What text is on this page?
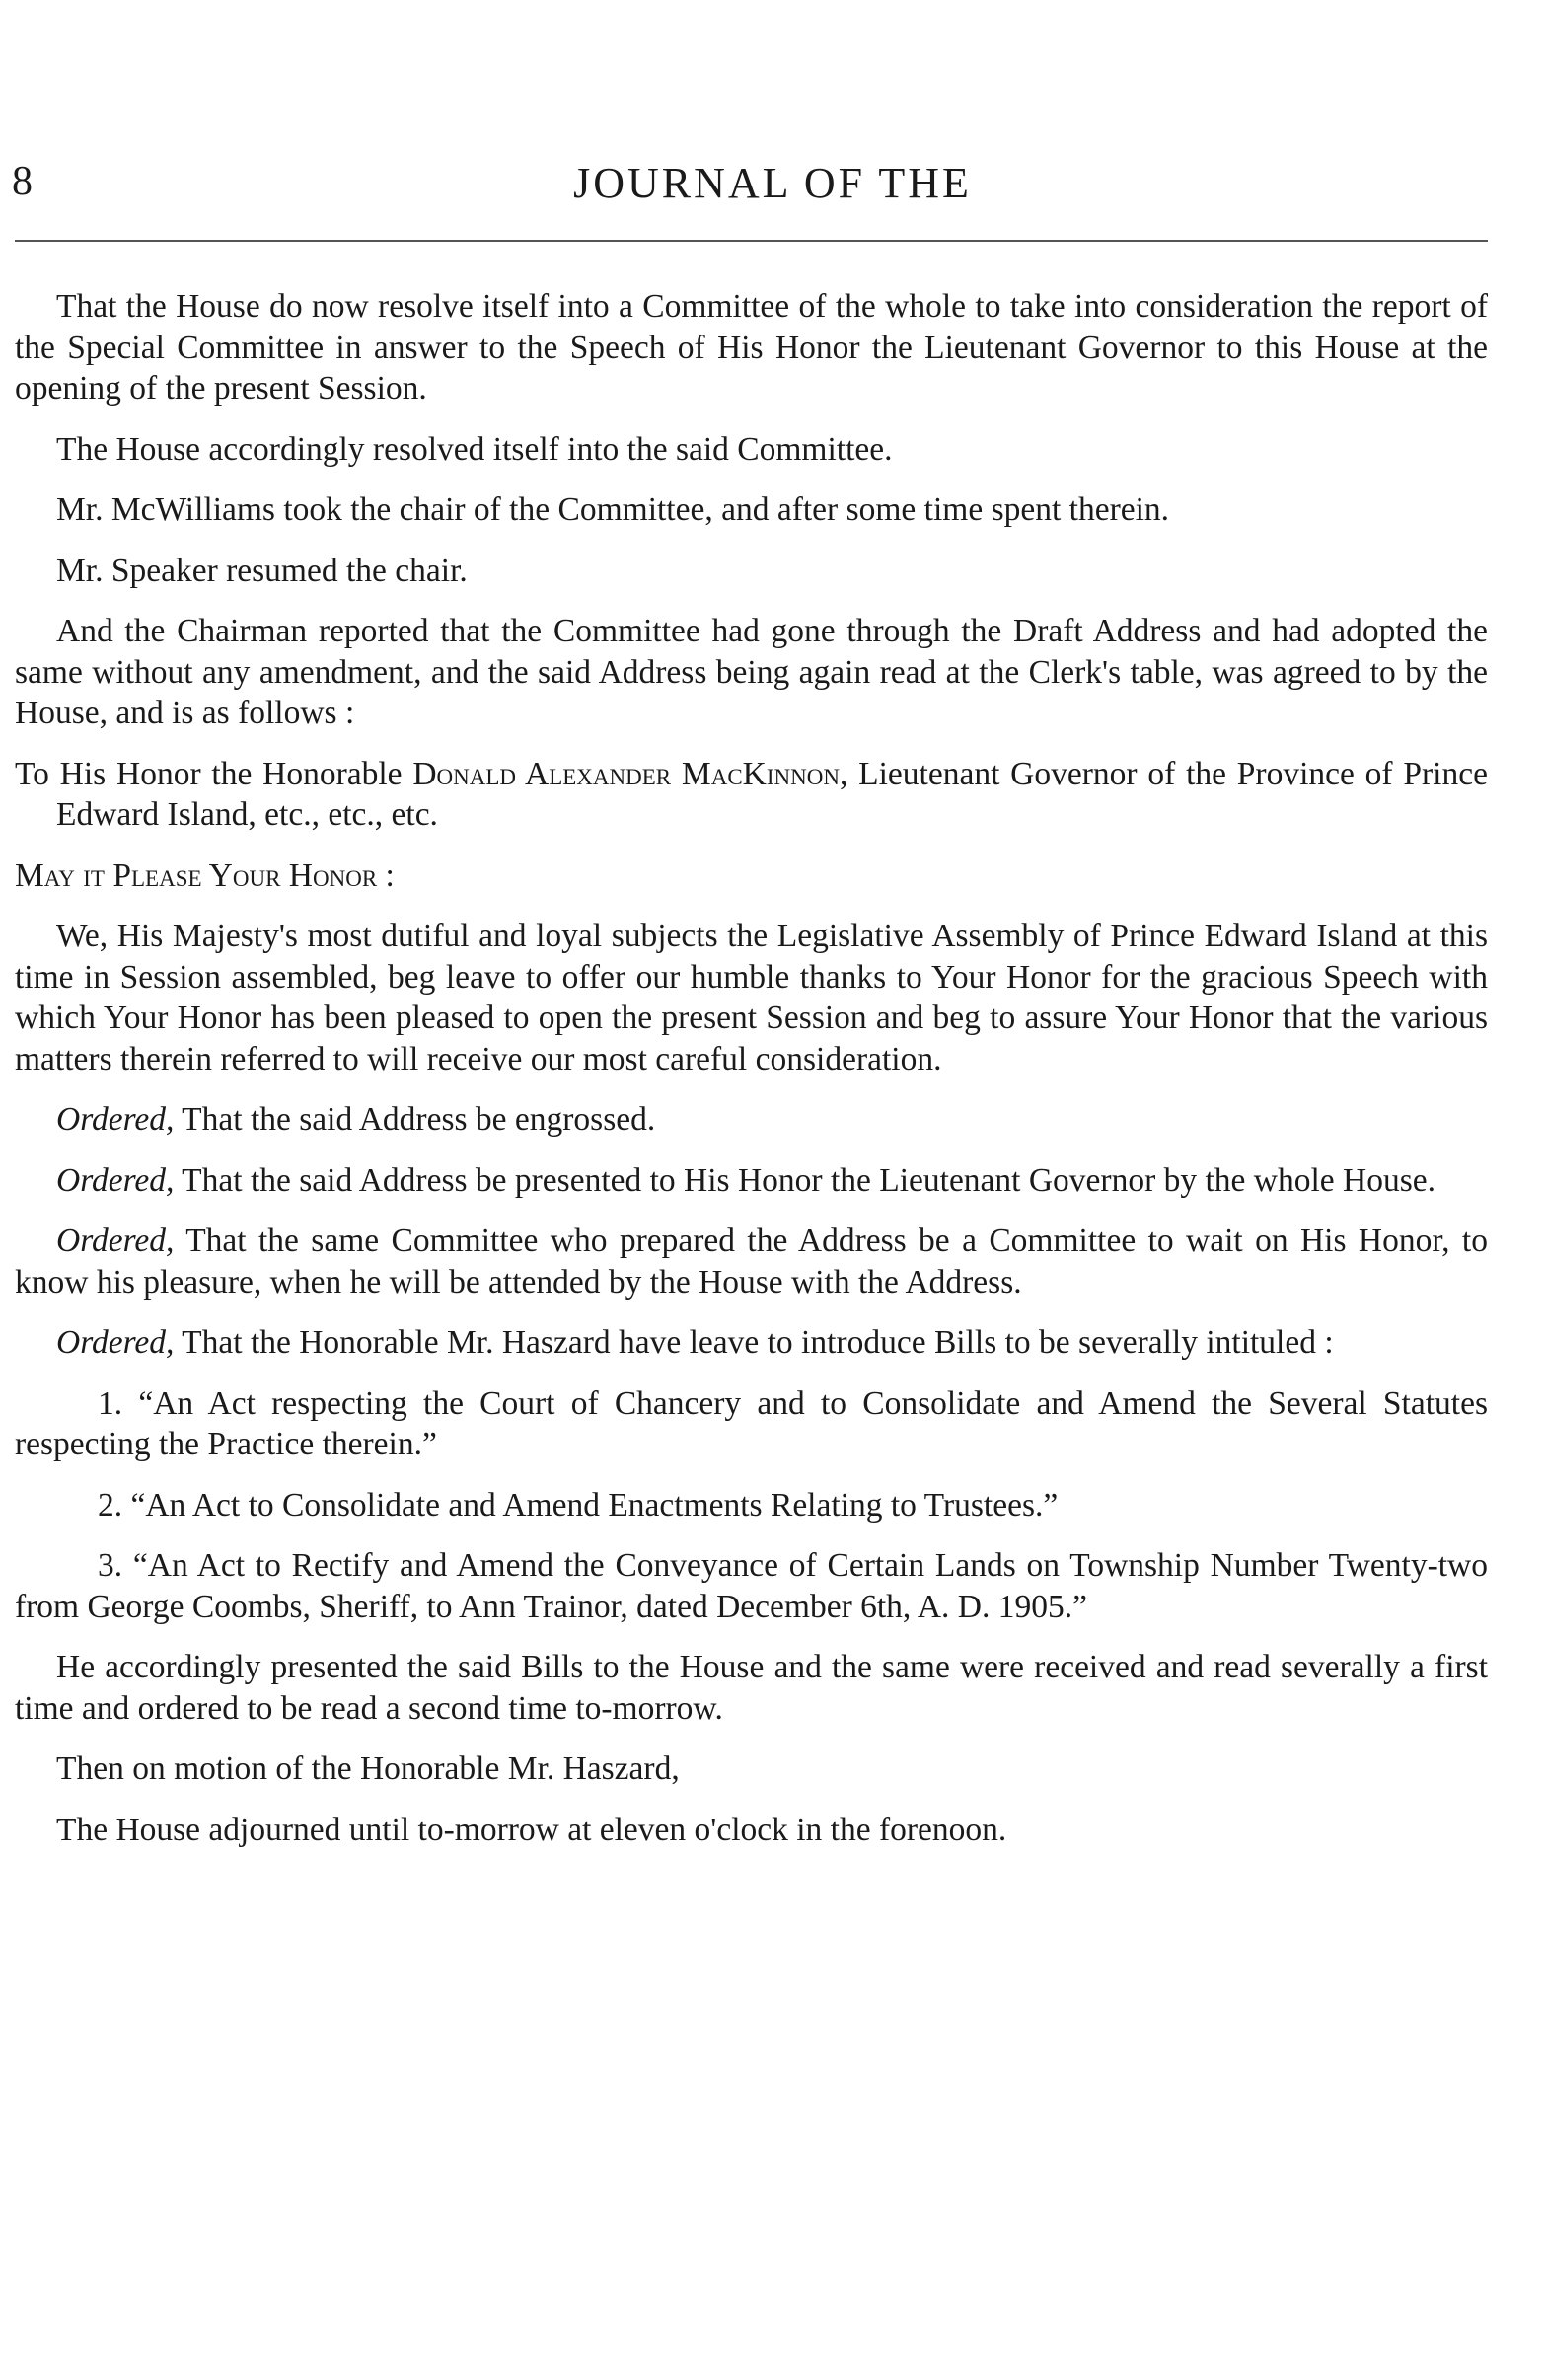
8	JOURNAL OF THE

That the House do now resolve itself into a Committee of the whole to take into consideration the report of the Special Committee in answer to the Speech of His Honor the Lieutenant Governor to this House at the opening of the present Session.

The House accordingly resolved itself into the said Committee.

Mr. McWilliams took the chair of the Committee, and after some time spent therein.

Mr. Speaker resumed the chair.

And the Chairman reported that the Committee had gone through the Draft Address and had adopted the same without any amendment, and the said Address being again read at the Clerk's table, was agreed to by the House, and is as follows :

To His Honor the Honorable Donald Alexander MacKinnon, Lieutenant Governor of the Province of Prince Edward Island, etc., etc., etc.

May it Please Your Honor :

We, His Majesty's most dutiful and loyal subjects the Legislative Assembly of Prince Edward Island at this time in Session assembled, beg leave to offer our humble thanks to Your Honor for the gracious Speech with which Your Honor has been pleased to open the present Session and beg to assure Your Honor that the various matters therein referred to will receive our most careful consideration.

Ordered, That the said Address be engrossed.

Ordered, That the said Address be presented to His Honor the Lieutenant Governor by the whole House.

Ordered, That the same Committee who prepared the Address be a Committee to wait on His Honor, to know his pleasure, when he will be attended by the House with the Address.

Ordered, That the Honorable Mr. Haszard have leave to introduce Bills to be severally intituled :

1. “An Act respecting the Court of Chancery and to Consolidate and Amend the Several Statutes respecting the Practice therein.”

2. “An Act to Consolidate and Amend Enactments Relating to Trustees.”

3. “An Act to Rectify and Amend the Conveyance of Certain Lands on Township Number Twenty-two from George Coombs, Sheriff, to Ann Trainor, dated December 6th, A. D. 1905.”

He accordingly presented the said Bills to the House and the same were received and read severally a first time and ordered to be read a second time to-morrow.

Then on motion of the Honorable Mr. Haszard,

The House adjourned until to-morrow at eleven o'clock in the forenoon.
